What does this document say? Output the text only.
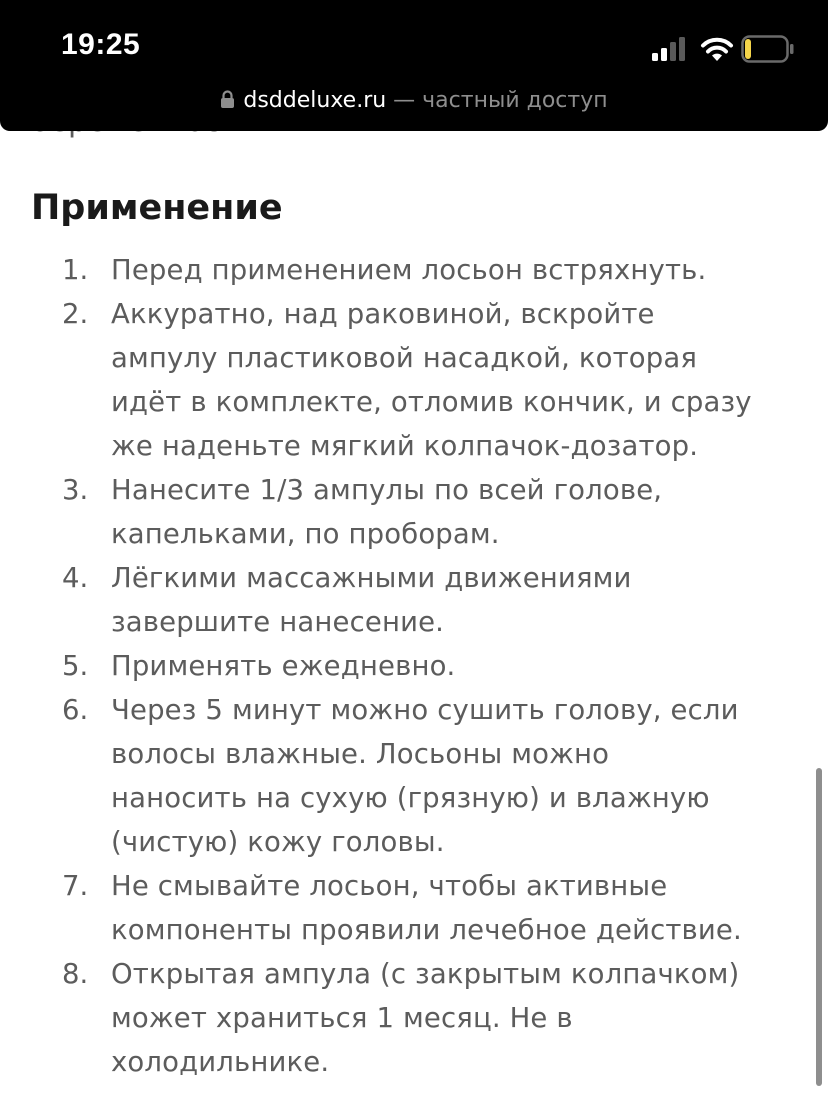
Применение
1. Перед применением лосьон встряхнуть.
2. Аккуратно, над раковиной, вскройте
ампулу пластиковой насадкой, которая
идёт в комплекте, отломив кончик, и сразу
же наденьте мягкий колпачок-дозатор.
3. Нанесите 1/3 ампулы по всей голове,
капельками, по проборам.
4. Лёгкими массажными движениями
завершите нанесение.
5. Применять ежедневно.
6. Через 5 минут можно сушить голову, если
волосы влажные. Лосьоны можно
наносить на сухую (грязную) и влажную
(чистую) кожу головы.
7. Не смывайте лосьон, чтобы активные
компоненты проявили лечебное действие.
8. Открытая ампула (с закрытым колпачком)
может храниться 1 месяц. Не в
холодильнике.
19:25	9
dsddeluxe.ru — частный доступ
